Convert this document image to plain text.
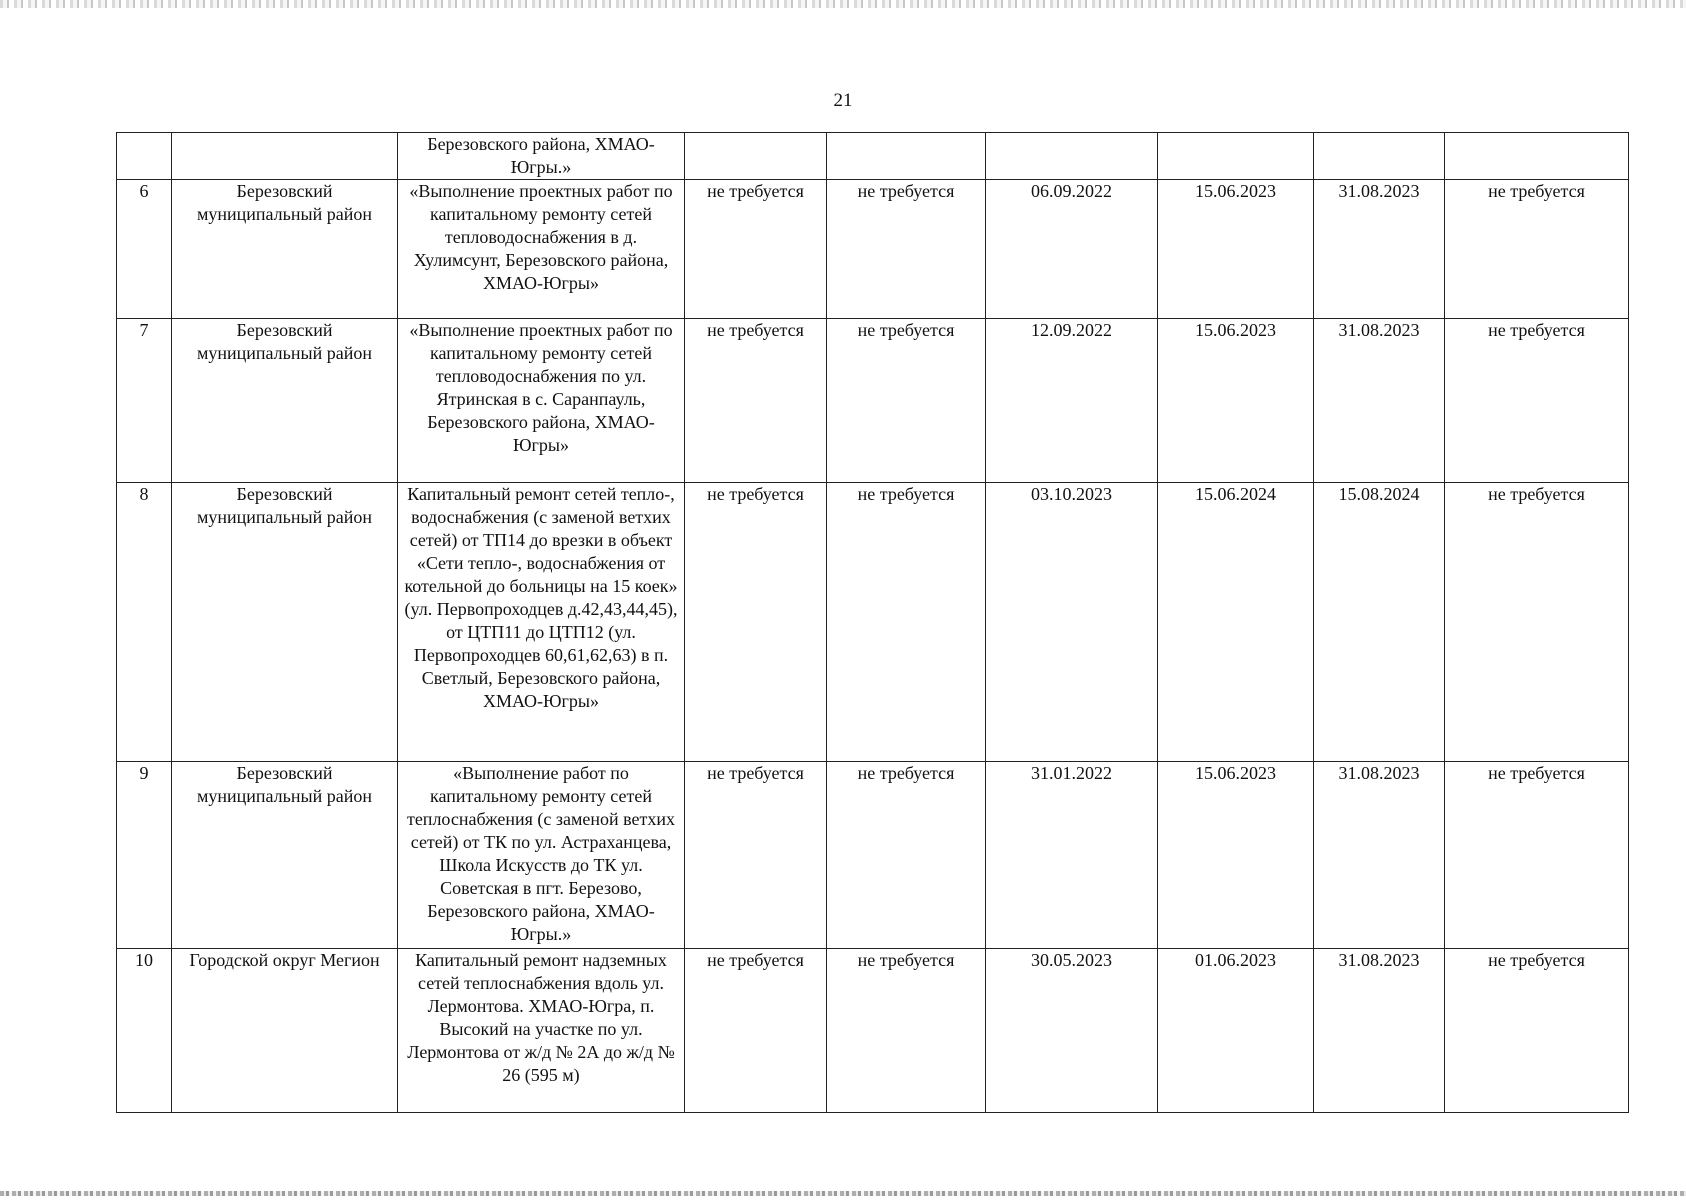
21
		Березовского района, ХМАО-Югры.»						
6	Березовский муниципальный район	«Выполнение проектных работ по капитальному ремонту сетей тепловодоснабжения в д. Хулимсунт, Березовского района, ХМАО-Югры»	не требуется	не требуется	06.09.2022	15.06.2023	31.08.2023	не требуется
7	Березовский муниципальный район	«Выполнение проектных работ по капитальному ремонту сетей тепловодоснабжения по ул. Ятринская в с. Саранпауль, Березовского района, ХМАО-Югры»	не требуется	не требуется	12.09.2022	15.06.2023	31.08.2023	не требуется
8	Березовский муниципальный район	Капитальный ремонт сетей тепло-, водоснабжения (с заменой ветхих сетей) от ТП14 до врезки в объект «Сети тепло-, водоснабжения от котельной до больницы на 15 коек» (ул. Первопроходцев д.42,43,44,45), от ЦТП11 до ЦТП12 (ул. Первопроходцев 60,61,62,63) в п. Светлый, Березовского района, ХМАО-Югры»	не требуется	не требуется	03.10.2023	15.06.2024	15.08.2024	не требуется
9	Березовский муниципальный район	«Выполнение работ по капитальному ремонту сетей теплоснабжения (с заменой ветхих сетей) от ТК по ул. Астраханцева, Школа Искусств до ТК ул. Советская в пгт. Березово, Березовского района, ХМАО-Югры.»	не требуется	не требуется	31.01.2022	15.06.2023	31.08.2023	не требуется
10	Городской округ Мегион	Капитальный ремонт надземных сетей теплоснабжения вдоль ул. Лермонтова. ХМАО-Югра, п. Высокий на участке по ул. Лермонтова от ж/д № 2А до ж/д № 26 (595 м)	не требуется	не требуется	30.05.2023	01.06.2023	31.08.2023	не требуется
